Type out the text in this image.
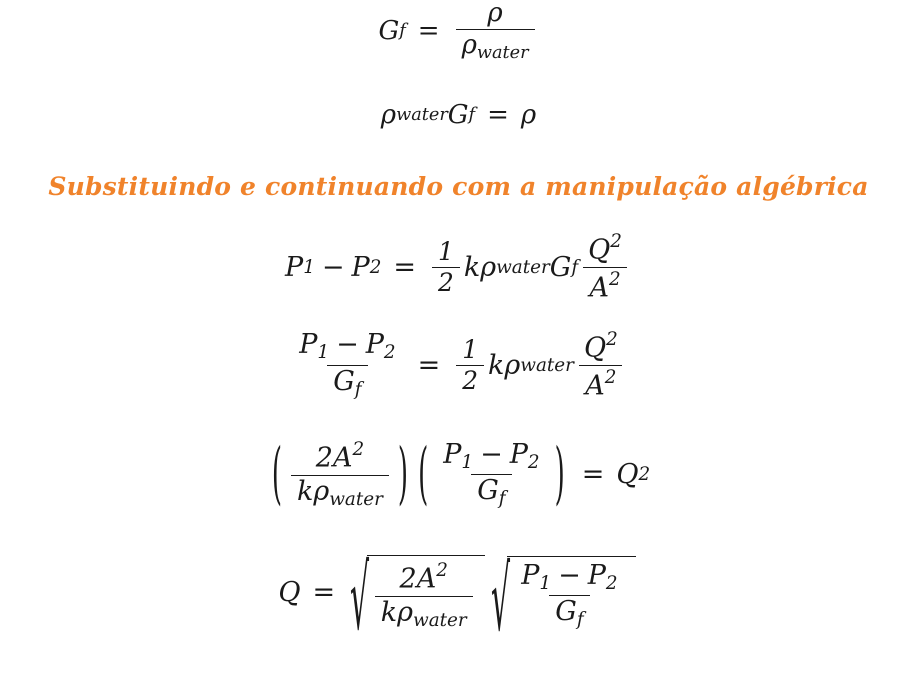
G $f = \frac{\rho}{\text{ρwater}}$
ρ water G f = ρ
Substituindo e continuando com a manipulação algébrica
P 1 − P $2 = \frac{1}{2}$ k ρ water G f $\frac{Q2}{A2}$
$\frac{P1 - P2}{Gf} = \frac{1}{2}$ k ρ water $\frac{Q2}{A2}$
( $\frac{2A2}{\text{kρwater}}$ ) ( $\frac{P1 - P2}{Gf}$ ) = Q 2
Q = √ $\frac{2A2}{\text{kρwater}}$ √ $\frac{P1 - P2}{Gf}$
